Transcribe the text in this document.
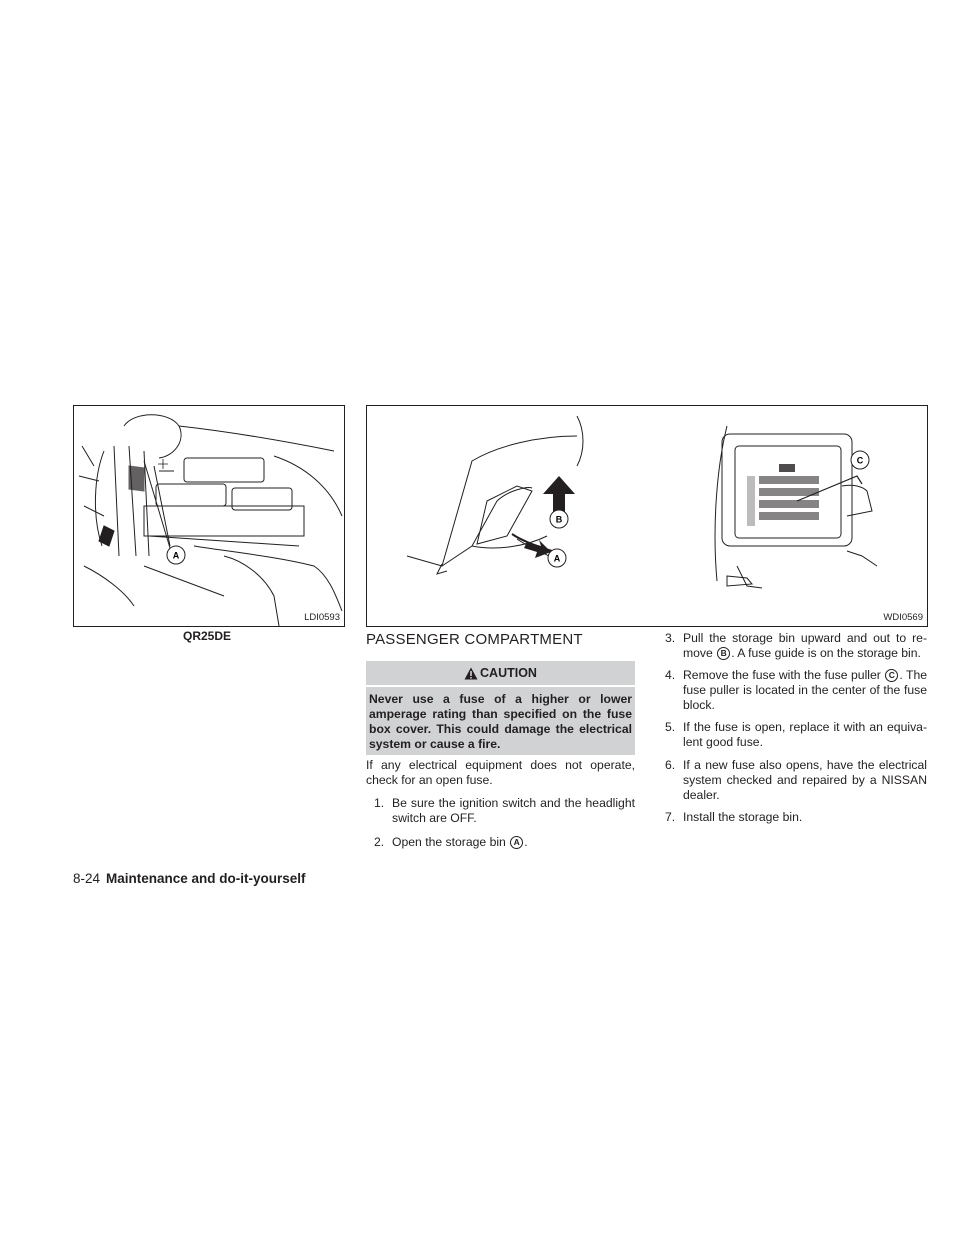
A
LDI0593
QR25DE
B
A
C
WDI0569
PASSENGER COMPARTMENT
CAUTION
Never use a fuse of a higher or lower amperage rating than specified on the fuse box cover. This could damage the electrical system or cause a fire.
If any electrical equipment does not operate, check for an open fuse.
1. Be sure the ignition switch and the headlight switch are OFF.
2. Open the storage bin A .
3. Pull the storage bin upward and out to re-move B . A fuse guide is on the storage bin.
4. Remove the fuse with the fuse puller C . The fuse puller is located in the center of the fuse block.
5. If the fuse is open, replace it with an equiva-lent good fuse.
6. If a new fuse also opens, have the electrical system checked and repaired by a NISSAN dealer.
7. Install the storage bin.
8-24 Maintenance and do-it-yourself
